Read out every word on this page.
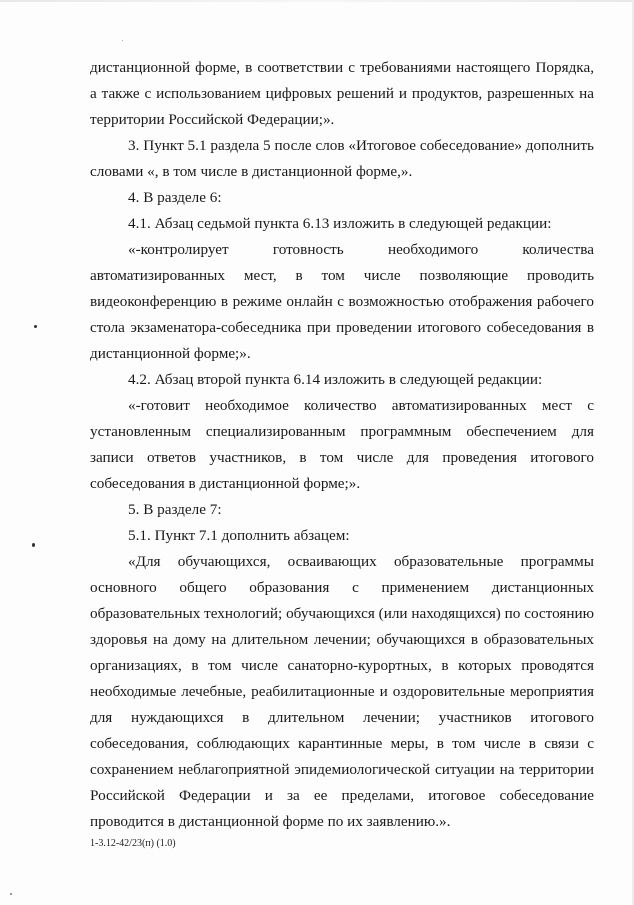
дистанционной форме, в соответствии с требованиями настоящего Порядка, а также с использованием цифровых решений и продуктов, разрешенных на территории Российской Федерации;».

3. Пункт 5.1 раздела 5 после слов «Итоговое собеседование» дополнить словами «, в том числе в дистанционной форме,».

4. В разделе 6:

4.1. Абзац седьмой пункта 6.13 изложить в следующей редакции:

«-контролирует готовность необходимого количества автоматизированных мест, в том числе позволяющие проводить видеоконференцию в режиме онлайн с возможностью отображения рабочего стола экзаменатора-собеседника при проведении итогового собеседования в дистанционной форме;».

4.2. Абзац второй пункта 6.14 изложить в следующей редакции:

«-готовит необходимое количество автоматизированных мест с установленным специализированным программным обеспечением для записи ответов участников, в том числе для проведения итогового собеседования в дистанционной форме;».

5. В разделе 7:

5.1. Пункт 7.1 дополнить абзацем:

«Для обучающихся, осваивающих образовательные программы основного общего образования с применением дистанционных образовательных технологий; обучающихся (или находящихся) по состоянию здоровья на дому на длительном лечении; обучающихся в образовательных организациях, в том числе санаторно-курортных, в которых проводятся необходимые лечебные, реабилитационные и оздоровительные мероприятия для нуждающихся в длительном лечении; участников итогового собеседования, соблюдающих карантинные меры, в том числе в связи с сохранением неблагоприятной эпидемиологической ситуации на территории Российской Федерации и за ее пределами, итоговое собеседование проводится в дистанционной форме по их заявлению.».

1-3.12-42/23(п) (1.0)
